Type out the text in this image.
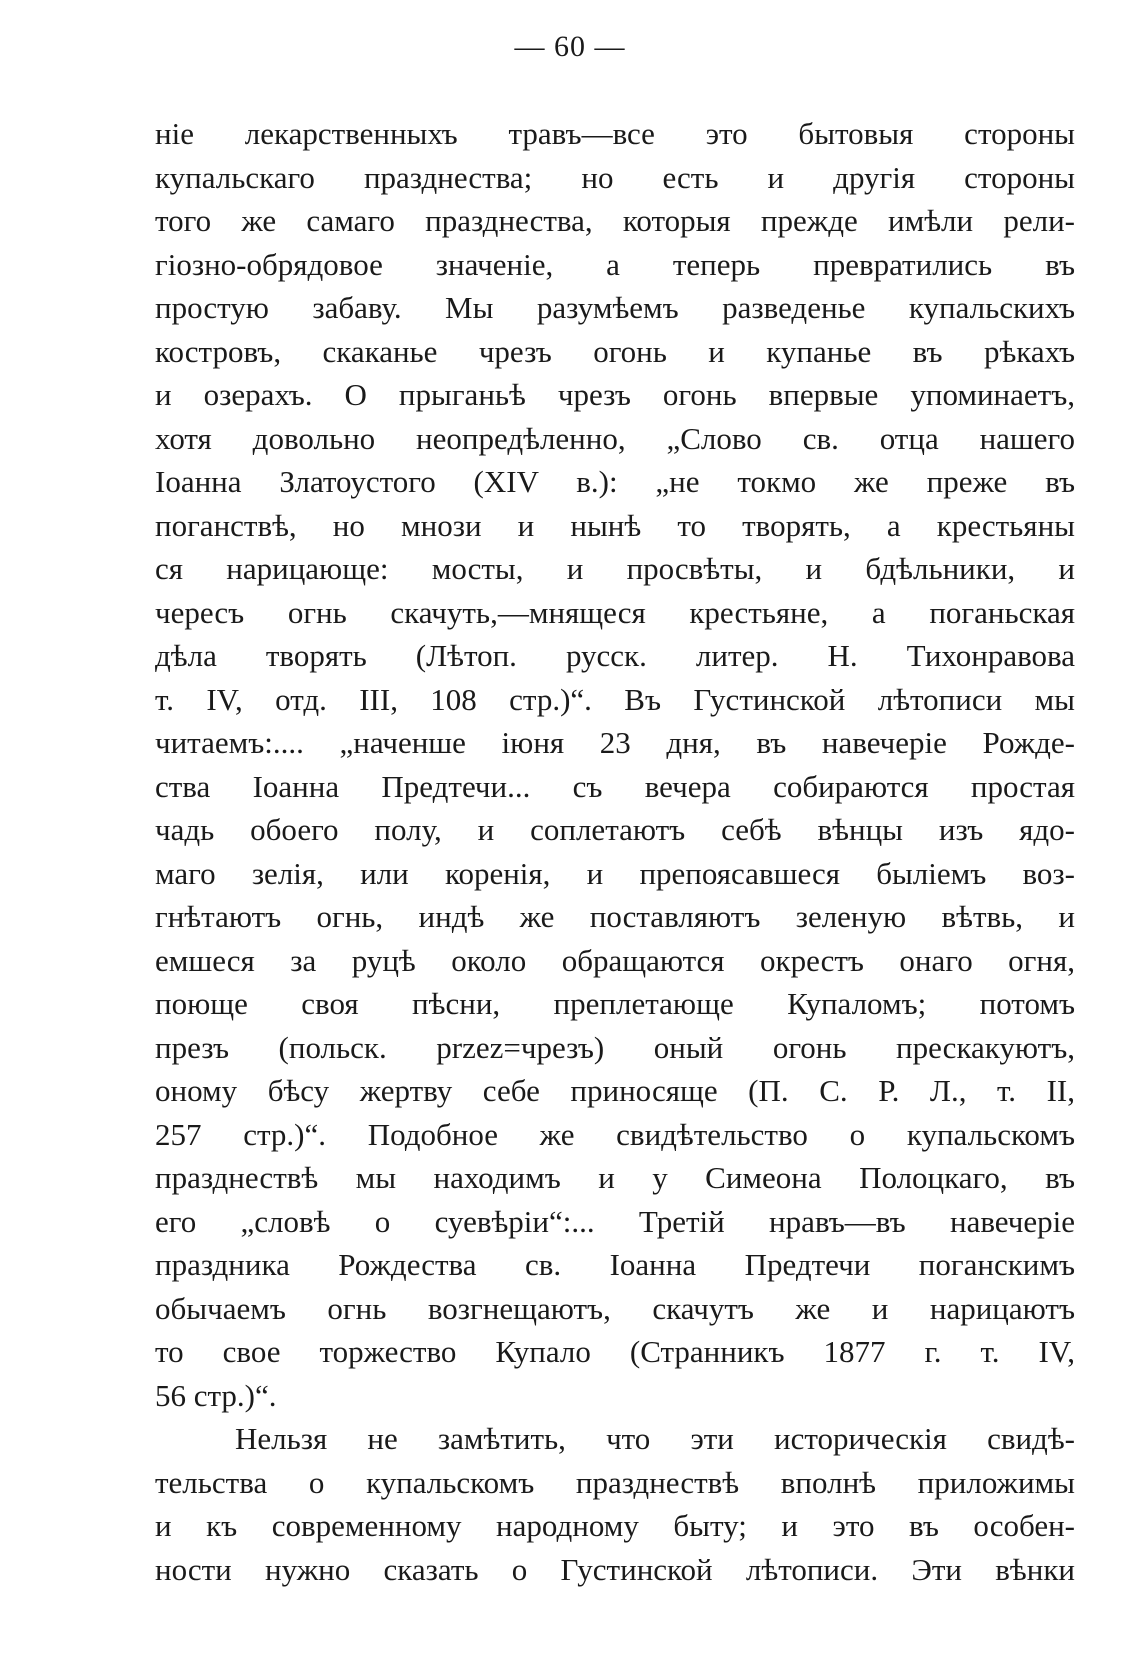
— 60 —
ніе лекарственныхъ травъ—все это бытовыя стороны
купальскаго празднества; но есть и другія стороны
того же самаго празднества, которыя прежде имѣли рели-
гіозно-обрядовое значеніе, а теперь превратились въ
простую забаву. Мы разумѣемъ разведенье купальскихъ
костровъ, скаканье чрезъ огонь и купанье въ рѣкахъ
и озерахъ. О прыганьѣ чрезъ огонь впервые упоминаетъ,
хотя довольно неопредѣленно, „Слово св. отца нашего
Іоанна Златоустого (XIV в.): „не токмо же преже въ
поганствѣ, но мнози и нынѣ то творять, а крестьяны
ся нарицающе: мосты, и просвѣты, и бдѣльники, и
чересъ огнь скачуть,—мнящеся крестьяне, а поганьская
дѣла творять (Лѣтоп. русск. литер. Н. Тихонравова
т. IV, отд. III, 108 стр.)“. Въ Густинской лѣтописи мы
читаемъ:.... „наченше іюня 23 дня, въ навечеріе Рожде-
ства Іоанна Предтечи... съ вечера собираются простая
чадь обоего полу, и соплетаютъ себѣ вѣнцы изъ ядо-
маго зелія, или коренія, и препоясавшеся быліемъ воз-
гнѣтаютъ огнь, индѣ же поставляютъ зеленую вѣтвь, и
емшеся за руцѣ около обращаются окрестъ онаго огня,
поюще своя пѣсни, преплетающе Купаломъ; потомъ
презъ (польск. przez=чрезъ) оный огонь прескакуютъ,
оному бѣсу жертву себе приносяще (П. С. Р. Л., т. II,
257 стр.)“. Подобное же свидѣтельство о купальскомъ
празднествѣ мы находимъ и у Симеона Полоцкаго, въ
его „словѣ о суевѣріи“:... Третій нравъ—въ навечеріе
праздника Рождества св. Іоанна Предтечи поганскимъ
обычаемъ огнь возгнещаютъ, скачутъ же и нарицаютъ
то свое торжество Купало (Странникъ 1877 г. т. IV,
56 стр.)“.
Нельзя не замѣтить, что эти историческія свидѣ-
тельства о купальскомъ празднествѣ вполнѣ приложимы
и къ современному народному быту; и это въ особен-
ности нужно сказать о Густинской лѣтописи. Эти вѣнки
